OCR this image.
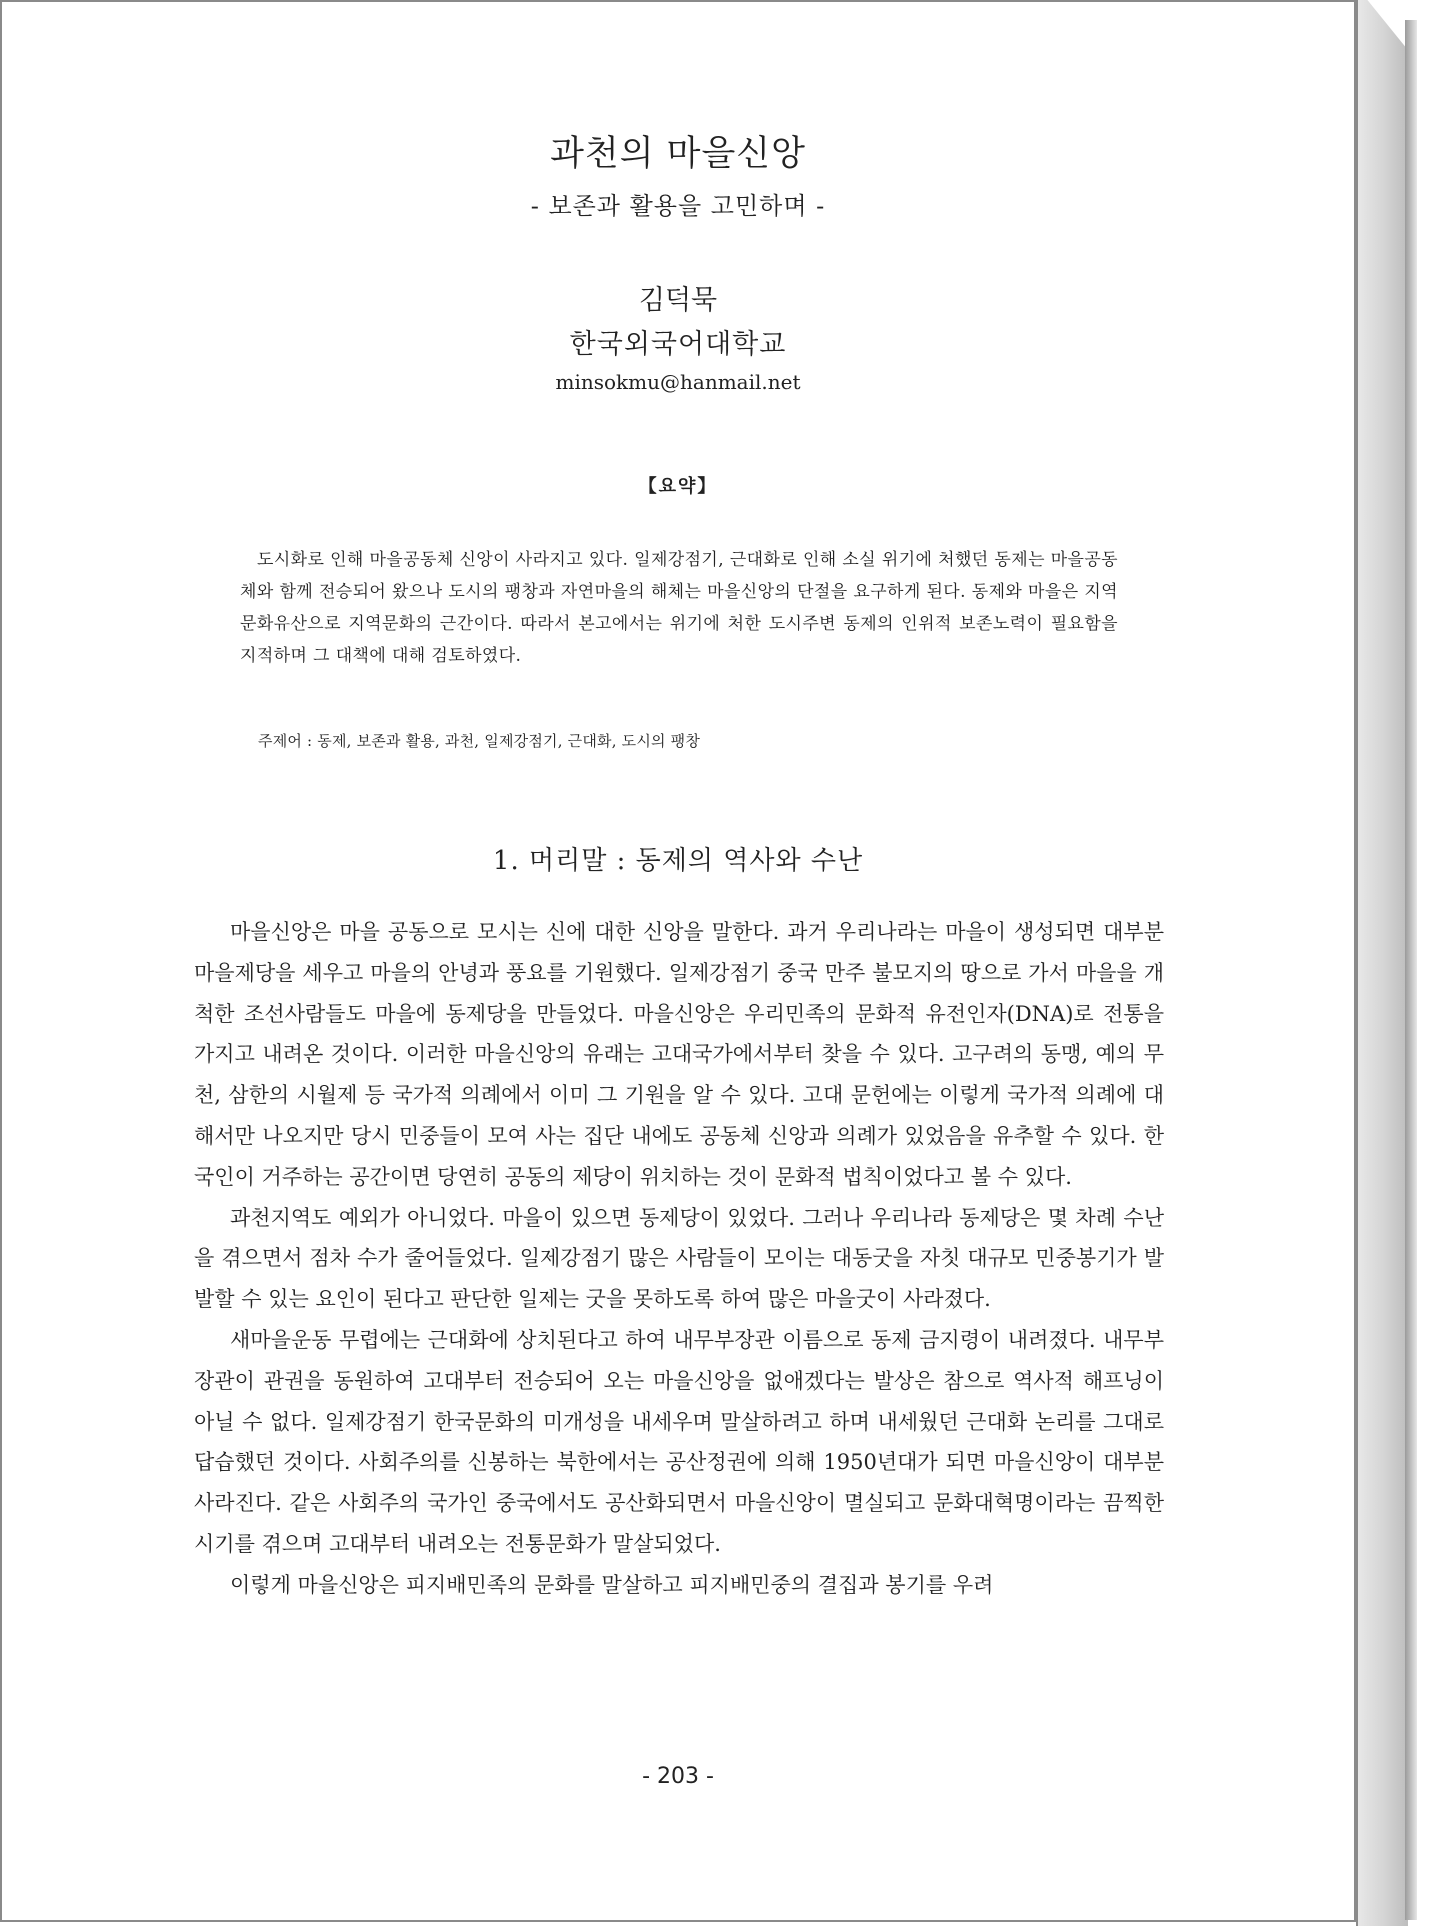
과천의 마을신앙
- 보존과 활용을 고민하며 -
김덕묵
한국외국어대학교
minsokmu@hanmail.net
【요약】
도시화로 인해 마을공동체 신앙이 사라지고 있다. 일제강점기, 근대화로 인해 소실 위기에 처했던 동제는 마을공동체와 함께 전승되어 왔으나 도시의 팽창과 자연마을의 해체는 마을신앙의 단절을 요구하게 된다. 동제와 마을은 지역문화유산으로 지역문화의 근간이다. 따라서 본고에서는 위기에 처한 도시주변 동제의 인위적 보존노력이 필요함을 지적하며 그 대책에 대해 검토하였다.
주제어 : 동제, 보존과 활용, 과천, 일제강점기, 근대화, 도시의 팽창
1. 머리말 : 동제의 역사와 수난

마을신앙은 마을 공동으로 모시는 신에 대한 신앙을 말한다. 과거 우리나라는 마을이 생성되면 대부분 마을제당을 세우고 마을의 안녕과 풍요를 기원했다. 일제강점기 중국 만주 불모지의 땅으로 가서 마을을 개척한 조선사람들도 마을에 동제당을 만들었다. 마을신앙은 우리민족의 문화적 유전인자(DNA)로 전통을 가지고 내려온 것이다. 이러한 마을신앙의 유래는 고대국가에서부터 찾을 수 있다. 고구려의 동맹, 예의 무천, 삼한의 시월제 등 국가적 의례에서 이미 그 기원을 알 수 있다. 고대 문헌에는 이렇게 국가적 의례에 대해서만 나오지만 당시 민중들이 모여 사는 집단 내에도 공동체 신앙과 의례가 있었음을 유추할 수 있다. 한국인이 거주하는 공간이면 당연히 공동의 제당이 위치하는 것이 문화적 법칙이었다고 볼 수 있다.

과천지역도 예외가 아니었다. 마을이 있으면 동제당이 있었다. 그러나 우리나라 동제당은 몇 차례 수난을 겪으면서 점차 수가 줄어들었다. 일제강점기 많은 사람들이 모이는 대동굿을 자칫 대규모 민중봉기가 발발할 수 있는 요인이 된다고 판단한 일제는 굿을 못하도록 하여 많은 마을굿이 사라졌다.

새마을운동 무렵에는 근대화에 상치된다고 하여 내무부장관 이름으로 동제 금지령이 내려졌다. 내무부 장관이 관권을 동원하여 고대부터 전승되어 오는 마을신앙을 없애겠다는 발상은 참으로 역사적 해프닝이 아닐 수 없다. 일제강점기 한국문화의 미개성을 내세우며 말살하려고 하며 내세웠던 근대화 논리를 그대로 답습했던 것이다. 사회주의를 신봉하는 북한에서는 공산정권에 의해 1950년대가 되면 마을신앙이 대부분 사라진다. 같은 사회주의 국가인 중국에서도 공산화되면서 마을신앙이 멸실되고 문화대혁명이라는 끔찍한 시기를 겪으며 고대부터 내려오는 전통문화가 말살되었다.

이렇게 마을신앙은 피지배민족의 문화를 말살하고 피지배민중의 결집과 봉기를 우려

- 203 -
